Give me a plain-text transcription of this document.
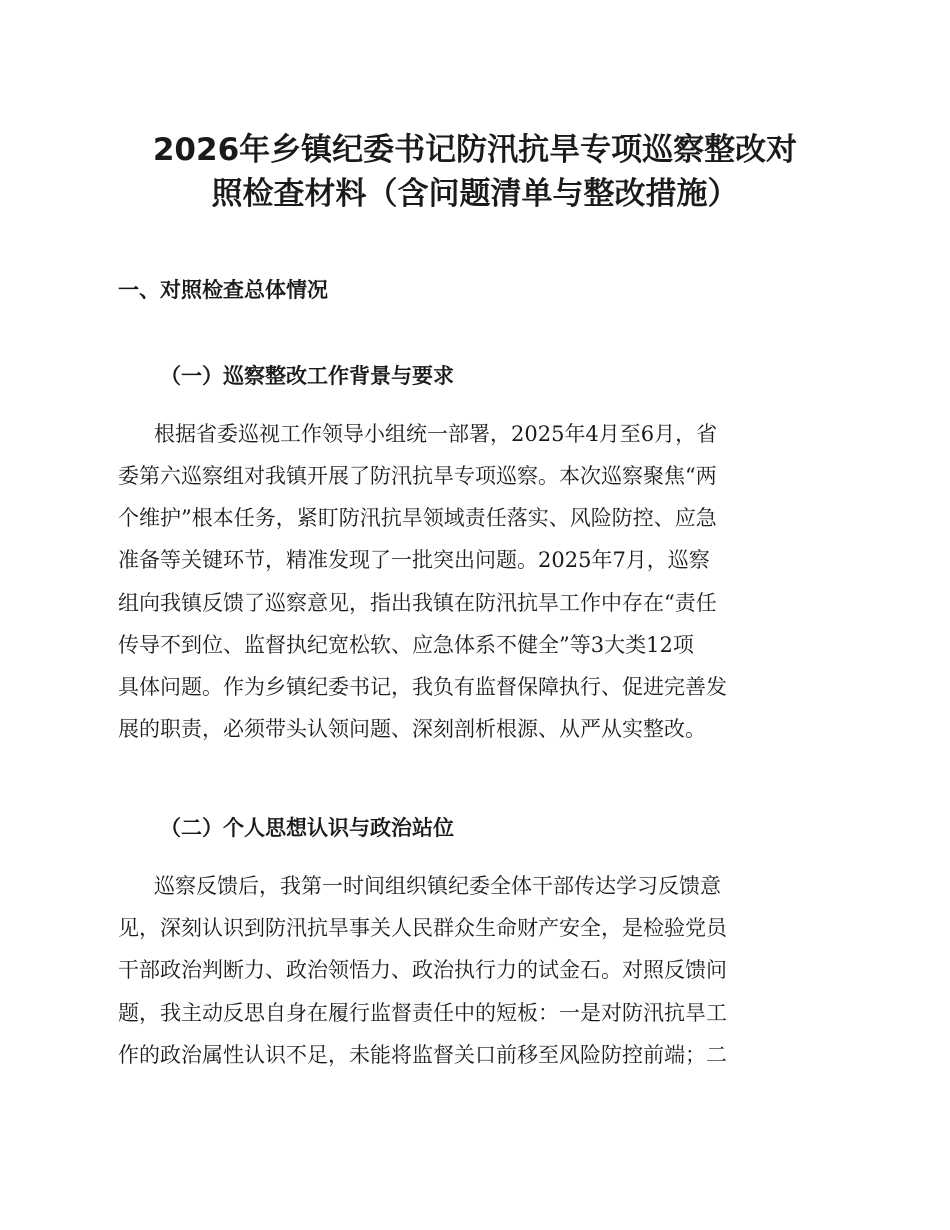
2026年乡镇纪委书记防汛抗旱专项巡察整改对
照检查材料（含问题清单与整改措施）
一、对照检查总体情况
（一）巡察整改工作背景与要求

根据省委巡视工作领导小组统一部署，2025年4月至6月，省

委第六巡察组对我镇开展了防汛抗旱专项巡察。本次巡察聚焦“两

个维护”根本任务，紧盯防汛抗旱领域责任落实、风险防控、应急

准备等关键环节，精准发现了一批突出问题。2025年7月，巡察

组向我镇反馈了巡察意见，指出我镇在防汛抗旱工作中存在“责任

传导不到位、监督执纪宽松软、应急体系不健全”等3大类12项

具体问题。作为乡镇纪委书记，我负有监督保障执行、促进完善发

展的职责，必须带头认领问题、深刻剖析根源、从严从实整改。

（二）个人思想认识与政治站位

巡察反馈后，我第一时间组织镇纪委全体干部传达学习反馈意

见，深刻认识到防汛抗旱事关人民群众生命财产安全，是检验党员

干部政治判断力、政治领悟力、政治执行力的试金石。对照反馈问

题，我主动反思自身在履行监督责任中的短板：一是对防汛抗旱工

作的政治属性认识不足，未能将监督关口前移至风险防控前端；二
